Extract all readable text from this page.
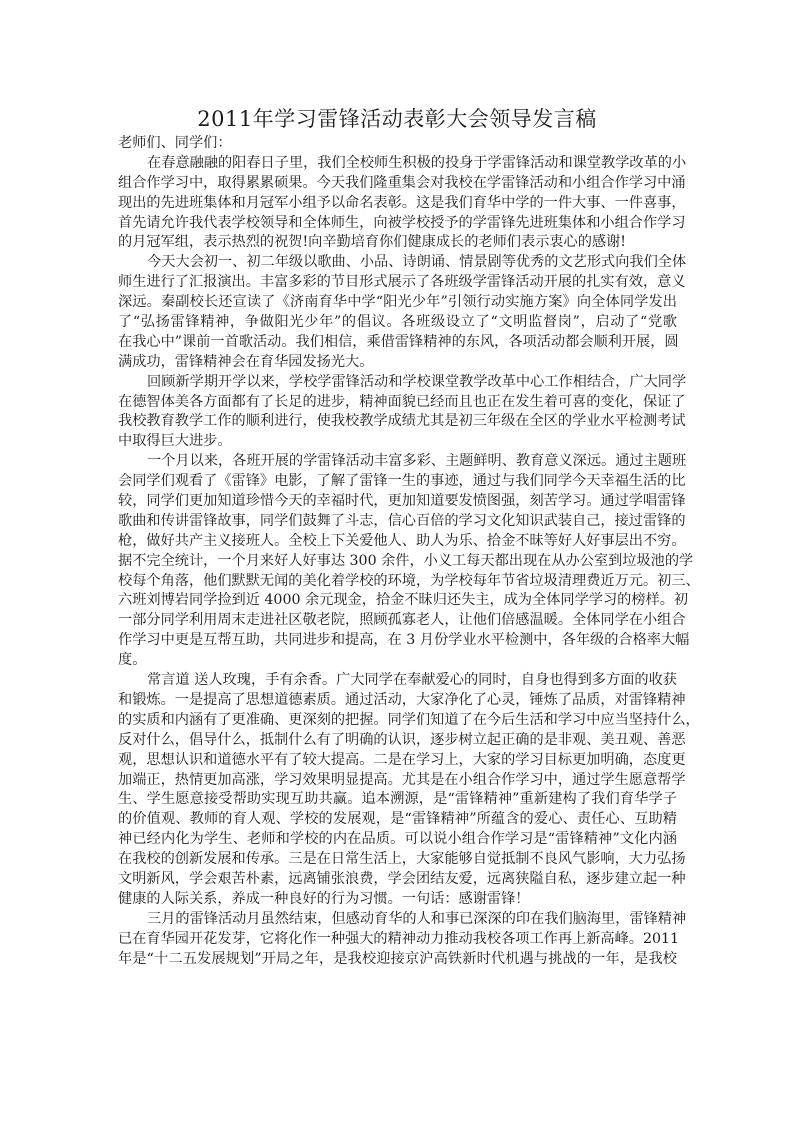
2011年学习雷锋活动表彰大会领导发言稿
老师们、同学们：
在春意融融的阳春日子里，我们全校师生积极的投身于学雷锋活动和课堂教学改革的小
组合作学习中，取得累累硕果。今天我们隆重集会对我校在学雷锋活动和小组合作学习中涌
现出的先进班集体和月冠军小组予以命名表彰。这是我们育华中学的一件大事、一件喜事，
首先请允许我代表学校领导和全体师生，向被学校授予的学雷锋先进班集体和小组合作学习
的月冠军组，表示热烈的祝贺!向辛勤培育你们健康成长的老师们表示衷心的感谢!
今天大会初一、初二年级以歌曲、小品、诗朗诵、情景剧等优秀的文艺形式向我们全体
师生进行了汇报演出。丰富多彩的节目形式展示了各班级学雷锋活动开展的扎实有效，意义
深远。秦副校长还宣读了《济南育华中学“阳光少年”引领行动实施方案》向全体同学发出
了“弘扬雷锋精神，争做阳光少年”的倡议。各班级设立了“文明监督岗”，启动了“党歌
在我心中”课前一首歌活动。我们相信，乘借雷锋精神的东风，各项活动都会顺利开展，圆
满成功，雷锋精神会在育华园发扬光大。
回顾新学期开学以来，学校学雷锋活动和学校课堂教学改革中心工作相结合，广大同学
在德智体美各方面都有了长足的进步，精神面貌已经而且也正在发生着可喜的变化，保证了
我校教育教学工作的顺利进行，使我校教学成绩尤其是初三年级在全区的学业水平检测考试
中取得巨大进步。
一个月以来，各班开展的学雷锋活动丰富多彩、主题鲜明、教育意义深远。通过主题班
会同学们观看了《雷锋》电影，了解了雷锋一生的事迹，通过与我们同学今天幸福生活的比
较，同学们更加知道珍惜今天的幸福时代，更加知道要发愤图强，刻苦学习。通过学唱雷锋
歌曲和传讲雷锋故事，同学们鼓舞了斗志，信心百倍的学习文化知识武装自己，接过雷锋的
枪，做好共产主义接班人。全校上下关爱他人、助人为乐、拾金不昧等好人好事层出不穷。
据不完全统计，一个月来好人好事达 300 余件，小义工每天都出现在从办公室到垃圾池的学
校每个角落，他们默默无闻的美化着学校的环境，为学校每年节省垃圾清理费近万元。初三、
六班刘博岩同学捡到近 4000 余元现金，拾金不昧归还失主，成为全体同学学习的榜样。初
一部分同学利用周末走进社区敬老院，照顾孤寡老人，让他们倍感温暖。全体同学在小组合
作学习中更是互帮互助，共同进步和提高，在 3 月份学业水平检测中，各年级的合格率大幅
度。
常言道 送人玫瑰，手有余香。广大同学在奉献爱心的同时，自身也得到多方面的收获
和锻炼。一是提高了思想道德素质。通过活动，大家净化了心灵，锤炼了品质，对雷锋精神
的实质和内涵有了更准确、更深刻的把握。同学们知道了在今后生活和学习中应当坚持什么，
反对什么，倡导什么，抵制什么有了明确的认识，逐步树立起正确的是非观、美丑观、善恶
观，思想认识和道德水平有了较大提高。二是在学习上，大家的学习目标更加明确，态度更
加端正，热情更加高涨，学习效果明显提高。尤其是在小组合作学习中，通过学生愿意帮学
生、学生愿意接受帮助实现互助共赢。追本溯源，是“雷锋精神”重新建构了我们育华学子
的价值观、教师的育人观、学校的发展观，是“雷锋精神”所蕴含的爱心、责任心、互助精
神已经内化为学生、老师和学校的内在品质。可以说小组合作学习是“雷锋精神”文化内涵
在我校的创新发展和传承。三是在日常生活上，大家能够自觉抵制不良风气影响，大力弘扬
文明新风，学会艰苦朴素，远离铺张浪费，学会团结友爱，远离狭隘自私，逐步建立起一种
健康的人际关系，养成一种良好的行为习惯。一句话：感谢雷锋！
三月的雷锋活动月虽然结束，但感动育华的人和事已深深的印在我们脑海里，雷锋精神
已在育华园开花发芽，它将化作一种强大的精神动力推动我校各项工作再上新高峰。2011
年是“十二五发展规划”开局之年，是我校迎接京沪高铁新时代机遇与挑战的一年，是我校
